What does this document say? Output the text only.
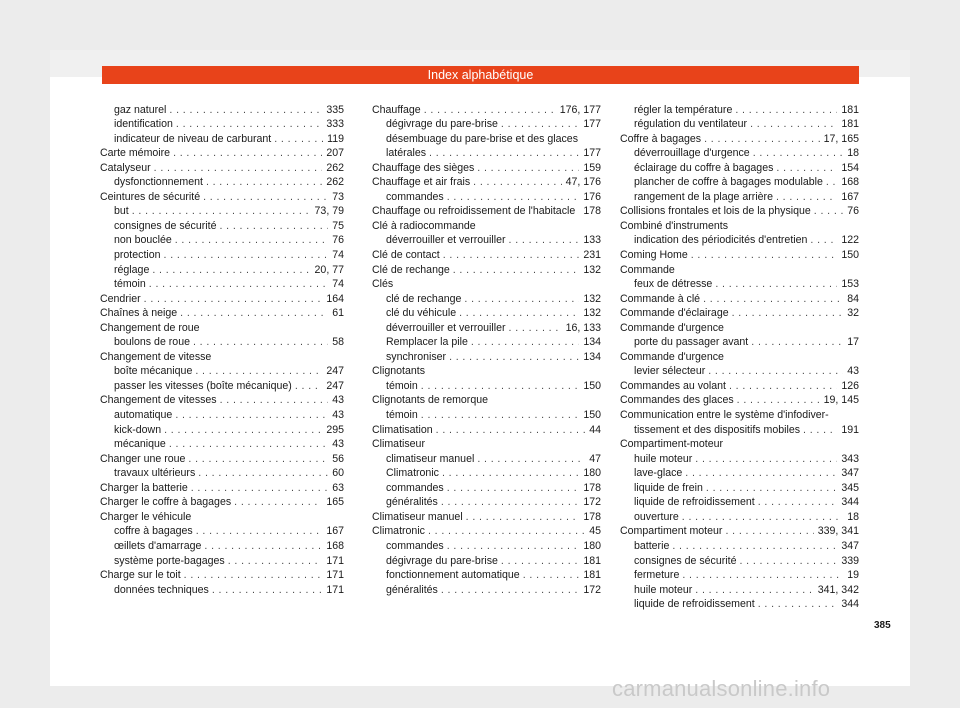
Index alphabétique
gaz naturel . . .	335
identification . . .	333
indicateur de niveau de carburant . . .	119
Carte mémoire . . .	207
Catalyseur . . .	262
dysfonctionnement . . .	262
Ceintures de sécurité . . .	73
but . . .	73, 79
consignes de sécurité . . .	75
non bouclée . . .	76
protection . . .	74
réglage . . .	20, 77
témoin . . .	74
Cendrier . . .	164
Chaînes à neige . . .	61
Changement de roue
boulons de roue . . .	58
Changement de vitesse
boîte mécanique . . .	247
passer les vitesses (boîte mécanique) . . .	247
Changement de vitesses . . .	43
automatique . . .	43
kick-down . . .	295
mécanique . . .	43
Changer une roue . . .	56
travaux ultérieurs . . .	60
Charger la batterie . . .	63
Charger le coffre à bagages . . .	165
Charger le véhicule
coffre à bagages . . .	167
œillets d'amarrage . . .	168
système porte-bagages . . .	171
Charge sur le toit . . .	171
données techniques . . .	171
Chauffage . . .	176, 177
dégivrage du pare-brise . . .	177
désembuage du pare-brise et des glaces
latérales . . .	177
Chauffage des sièges . . .	159
Chauffage et air frais . . .	47, 176
commandes . . .	176
Chauffage ou refroidissement de l'habitacle . . . 178
Clé à radiocommande
déverrouiller et verrouiller . . .	133
Clé de contact . . .	231
Clé de rechange . . .	132
Clés
clé de rechange . . .	132
clé du véhicule . . .	132
déverrouiller et verrouiller . . .	16, 133
Remplacer la pile . . .	134
synchroniser . . .	134
Clignotants
témoin . . .	150
Clignotants de remorque
témoin . . .	150
Climatisation . . .	44
Climatiseur
climatiseur manuel . . .	47
Climatronic . . .	180
commandes . . .	178
généralités . . .	172
Climatiseur manuel . . .	178
Climatronic . . .	45
commandes . . .	180
dégivrage du pare-brise . . .	181
fonctionnement automatique . . .	181
généralités . . .	172
régler la température . . .	181
régulation du ventilateur . . .	181
Coffre à bagages . . .	17, 165
déverrouillage d'urgence . . .	18
éclairage du coffre à bagages . . .	154
plancher de coffre à bagages modulable . . . 168
rangement de la plage arrière . . .	167
Collisions frontales et lois de la physique . . .	76
Combiné d'instruments
indication des périodicités d'entretien . . .	122
Coming Home . . .	150
Commande
feux de détresse . . .	153
Commande à clé . . .	84
Commande d'éclairage . . .	32
Commande d'urgence
porte du passager avant . . .	17
Commande d'urgence
levier sélecteur . . .	43
Commandes au volant . . .	126
Commandes des glaces . . .	19, 145
Communication entre le système d'infodiver-
tissement et des dispositifs mobiles . . .	191
Compartiment-moteur
huile moteur . . .	343
lave-glace . . .	347
liquide de frein . . .	345
liquide de refroidissement . . .	344
ouverture . . .	18
Compartiment moteur . . .	339, 341
batterie . . .	347
consignes de sécurité . . .	339
fermeture . . .	19
huile moteur . . .	341, 342
liquide de refroidissement . . .	344
385
carmanualsonline.info
